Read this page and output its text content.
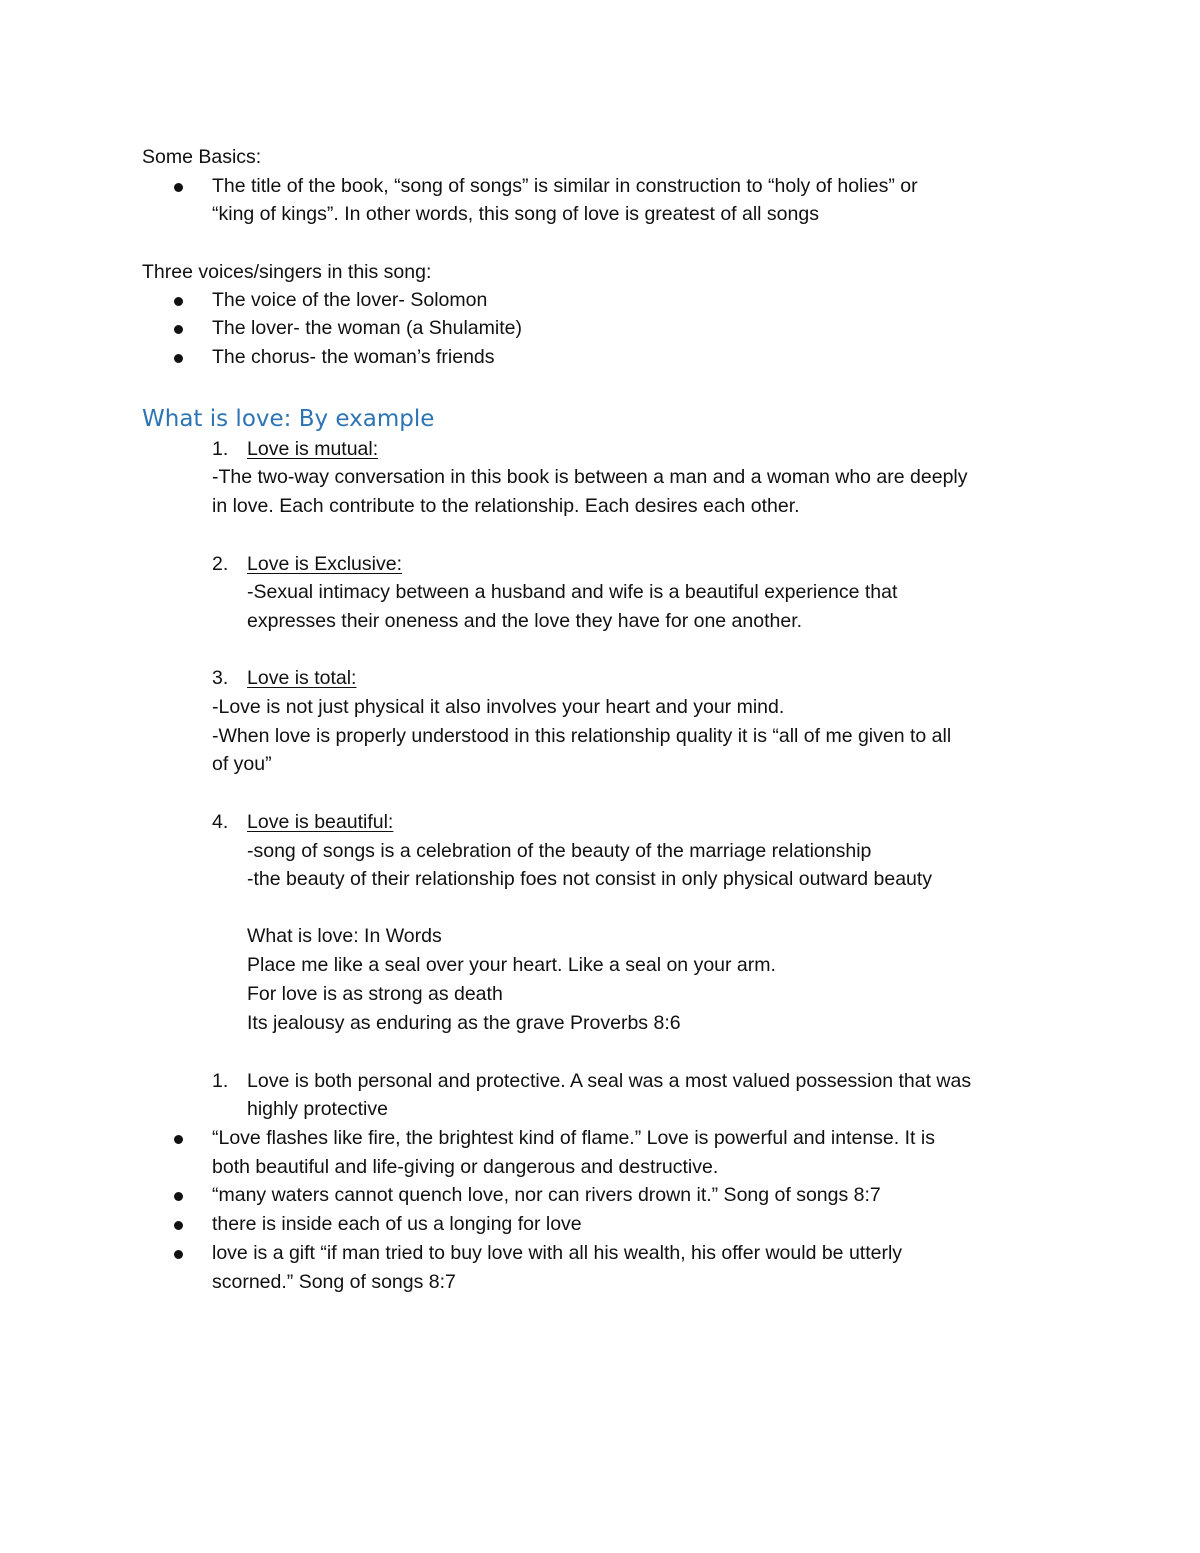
Some Basics:
The title of the book, “song of songs” is similar in construction to “holy of holies” or
“king of kings”. In other words, this song of love is greatest of all songs
Three voices/singers in this song:
The voice of the lover- Solomon
The lover- the woman (a Shulamite)
The chorus- the woman’s friends
What is love: By example
1. Love is mutual:
-The two-way conversation in this book is between a man and a woman who are deeply
in love. Each contribute to the relationship. Each desires each other.
2. Love is Exclusive:
-Sexual intimacy between a husband and wife is a beautiful experience that
expresses their oneness and the love they have for one another.
3. Love is total:
-Love is not just physical it also involves your heart and your mind.
-When love is properly understood in this relationship quality it is “all of me given to all
of you”
4. Love is beautiful:
-song of songs is a celebration of the beauty of the marriage relationship
-the beauty of their relationship foes not consist in only physical outward beauty
What is love: In Words
Place me like a seal over your heart. Like a seal on your arm.
For love is as strong as death
Its jealousy as enduring as the grave Proverbs 8:6
1. Love is both personal and protective. A seal was a most valued possession that was
highly protective
“Love flashes like fire, the brightest kind of flame.” Love is powerful and intense. It is
both beautiful and life-giving or dangerous and destructive.
“many waters cannot quench love, nor can rivers drown it.” Song of songs 8:7
there is inside each of us a longing for love
love is a gift “if man tried to buy love with all his wealth, his offer would be utterly
scorned.” Song of songs 8:7
